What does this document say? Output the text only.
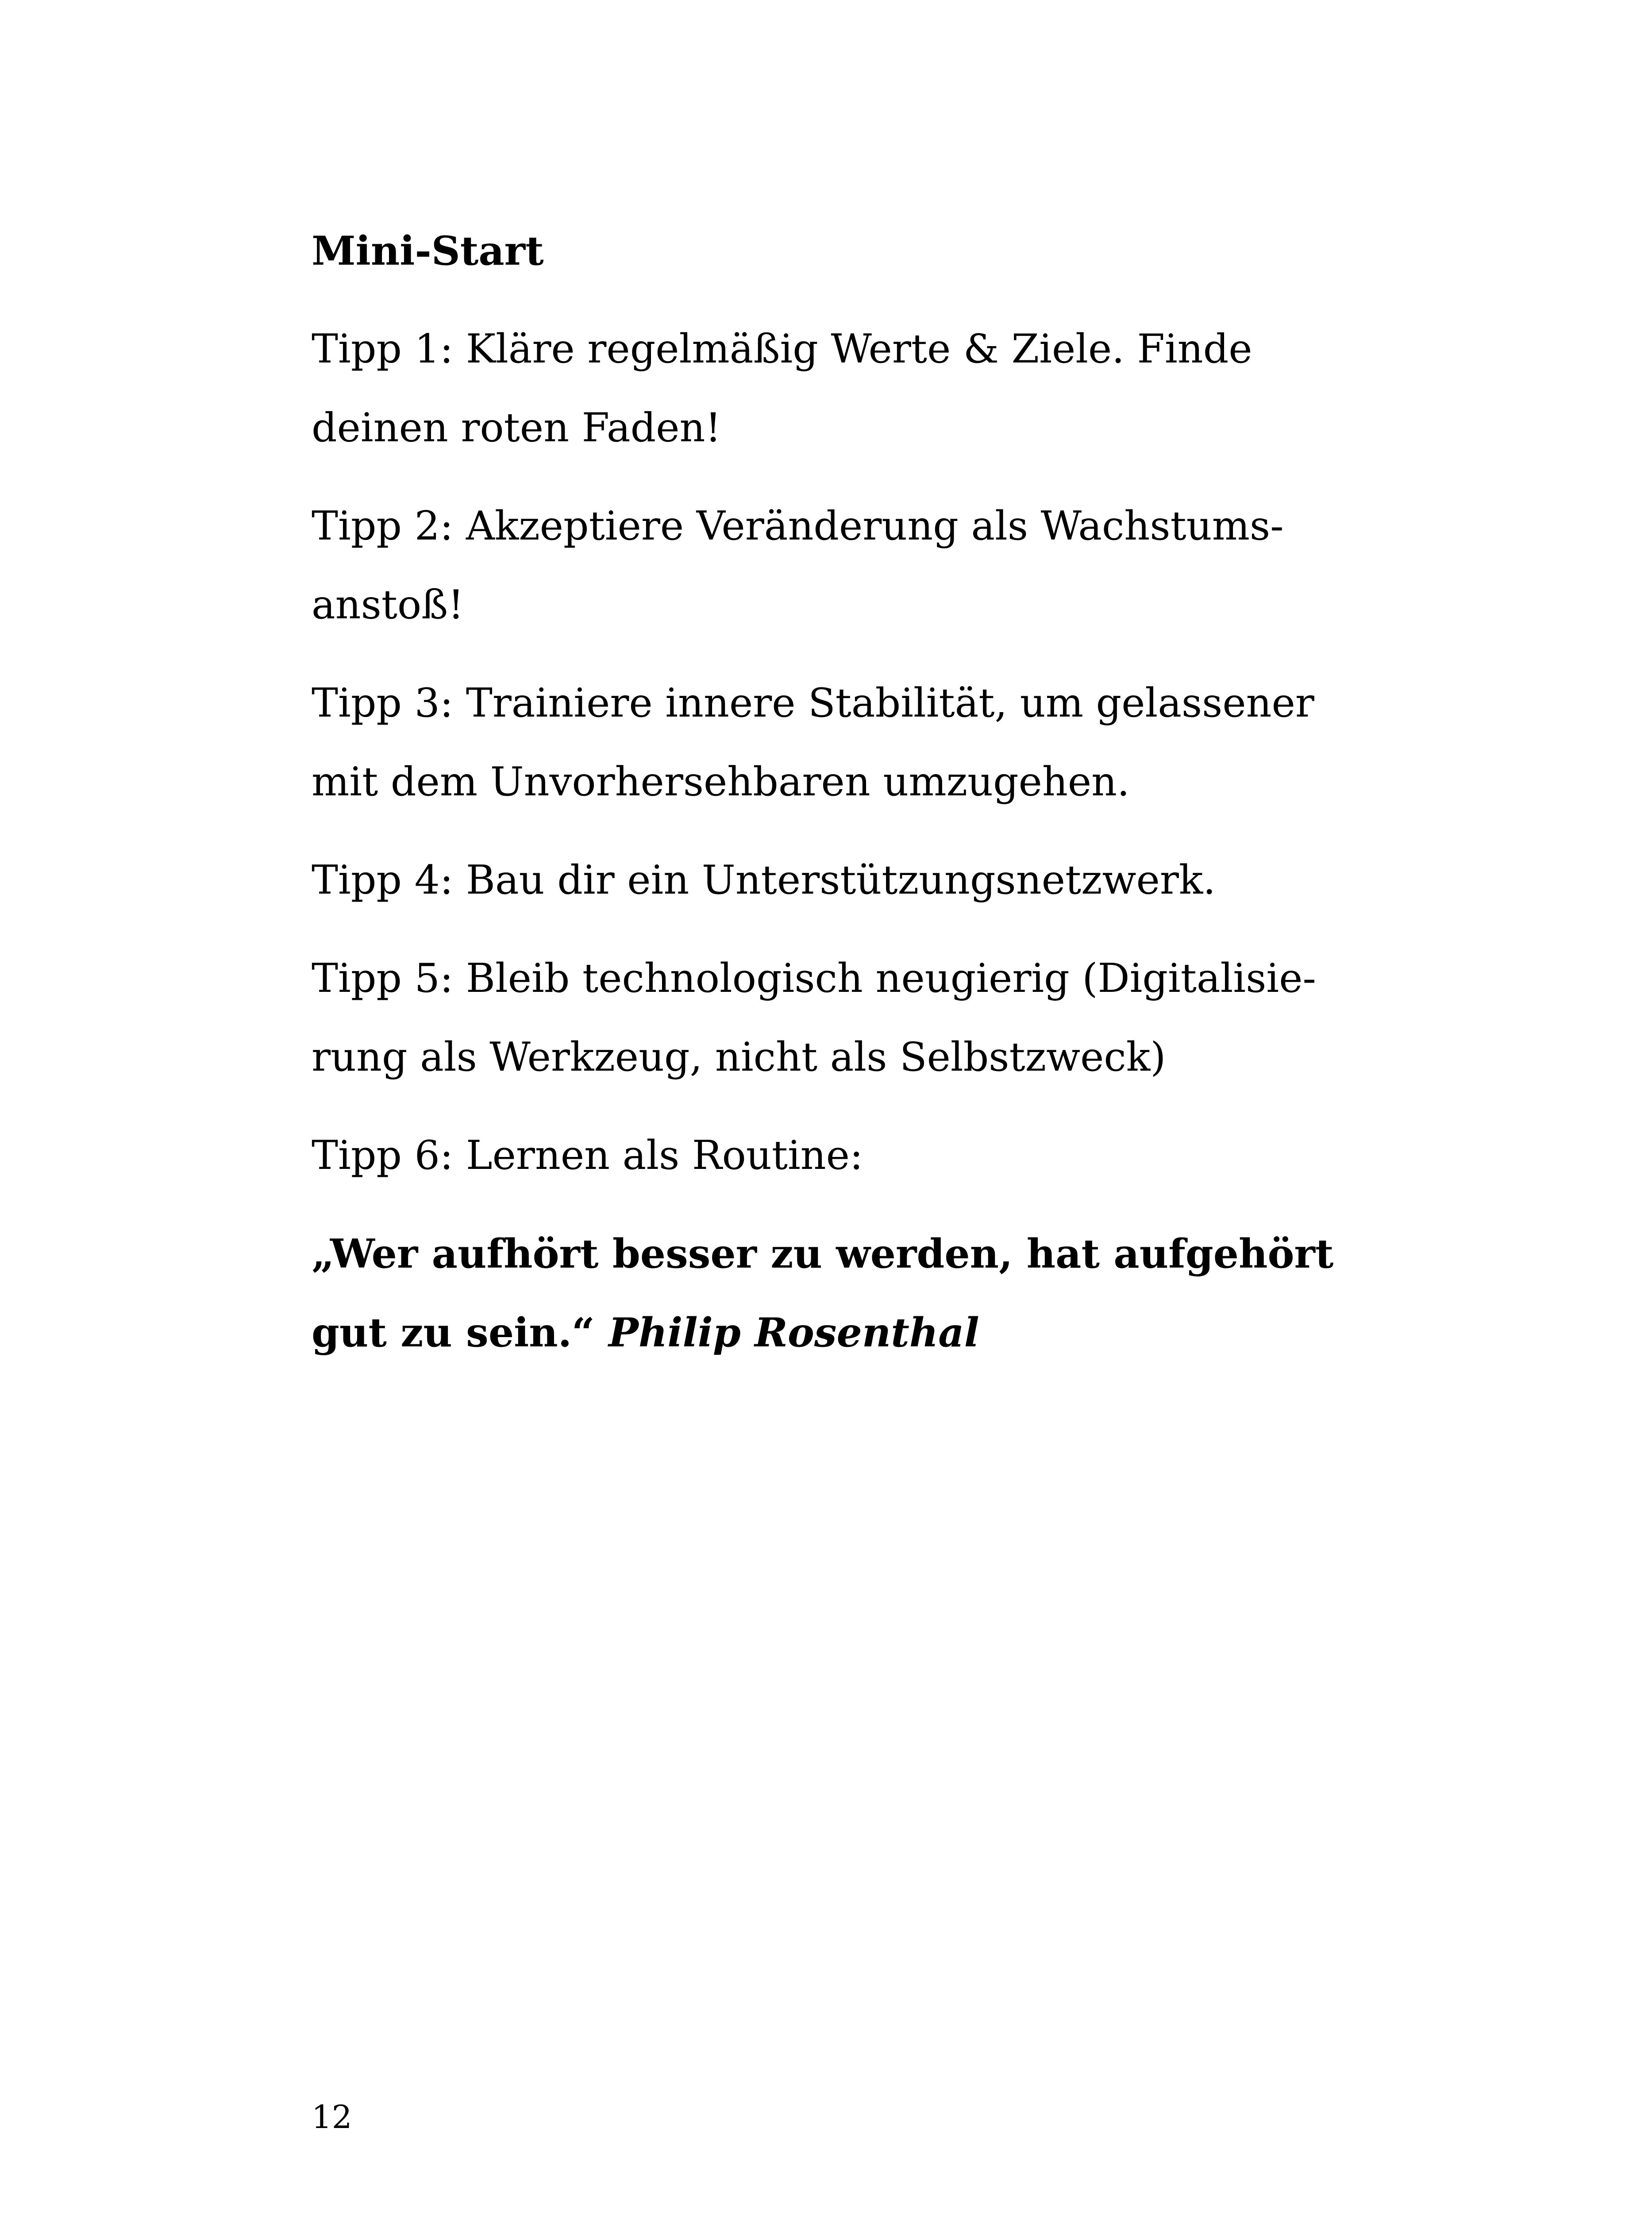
Mini-Start
Tipp 1: Kläre regelmäßig Werte & Ziele. Finde
deinen roten Faden!
Tipp 2: Akzeptiere Veränderung als Wachstums-
anstoß!
Tipp 3: Trainiere innere Stabilität, um gelassener
mit dem Unvorhersehbaren umzugehen.
Tipp 4: Bau dir ein Unterstützungsnetzwerk.
Tipp 5: Bleib technologisch neugierig (Digitalisie-
rung als Werkzeug, nicht als Selbstzweck)
Tipp 6: Lernen als Routine:
„Wer aufhört besser zu werden, hat aufgehört
gut zu sein.“ Philip Rosenthal
12
